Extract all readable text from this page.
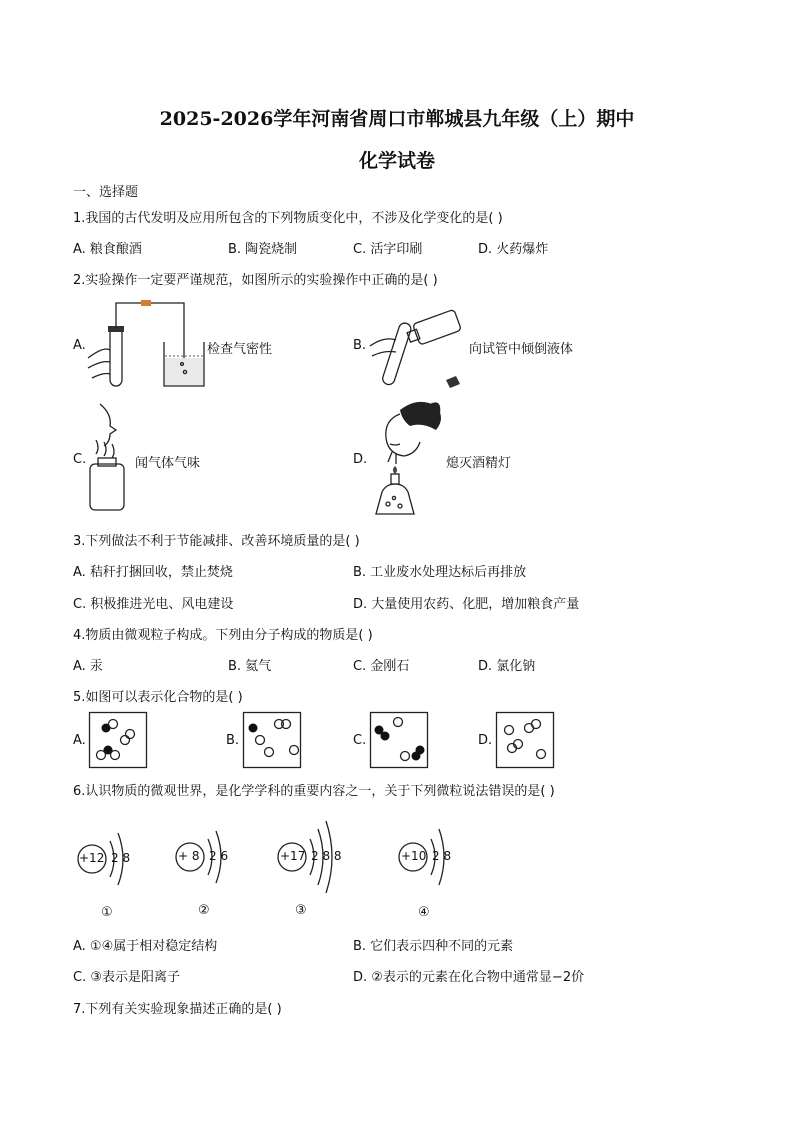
2025-2026学年河南省周口市郸城县九年级（上）期中
化学试卷
一、选择题
1.我国的古代发明及应用所包含的下列物质变化中，不涉及化学变化的是( )
A. 粮食酿酒	B. 陶瓷烧制	C. 活字印刷	D. 火药爆炸
2.实验操作一定要严谨规范，如图所示的实验操作中正确的是( )
A.	检查气密性	B.	向试管中倾倒液体
C.	闻气体气味	D.	熄灭酒精灯
3.下列做法不利于节能减排、改善环境质量的是( )
A. 秸秆打捆回收，禁止焚烧	B. 工业废水处理达标后再排放
C. 积极推进光电、风电建设	D. 大量使用农药、化肥，增加粮食产量
4.物质由微观粒子构成。下列由分子构成的物质是( )
A. 汞	B. 氦气	C. 金刚石	D. 氯化钠
5.如图可以表示化合物的是( )
A.	B.	C.	D.
6.认识物质的微观世界，是化学学科的重要内容之一，关于下列微粒说法错误的是( )
+12 2 8
①
+ 8 2 6
②
+17 2 8 8
③
+10 2 8
④
A. ①④属于相对稳定结构	B. 它们表示四种不同的元素
C. ③表示是阳离子	D. ②表示的元素在化合物中通常显−2价
7.下列有关实验现象描述正确的是( )
